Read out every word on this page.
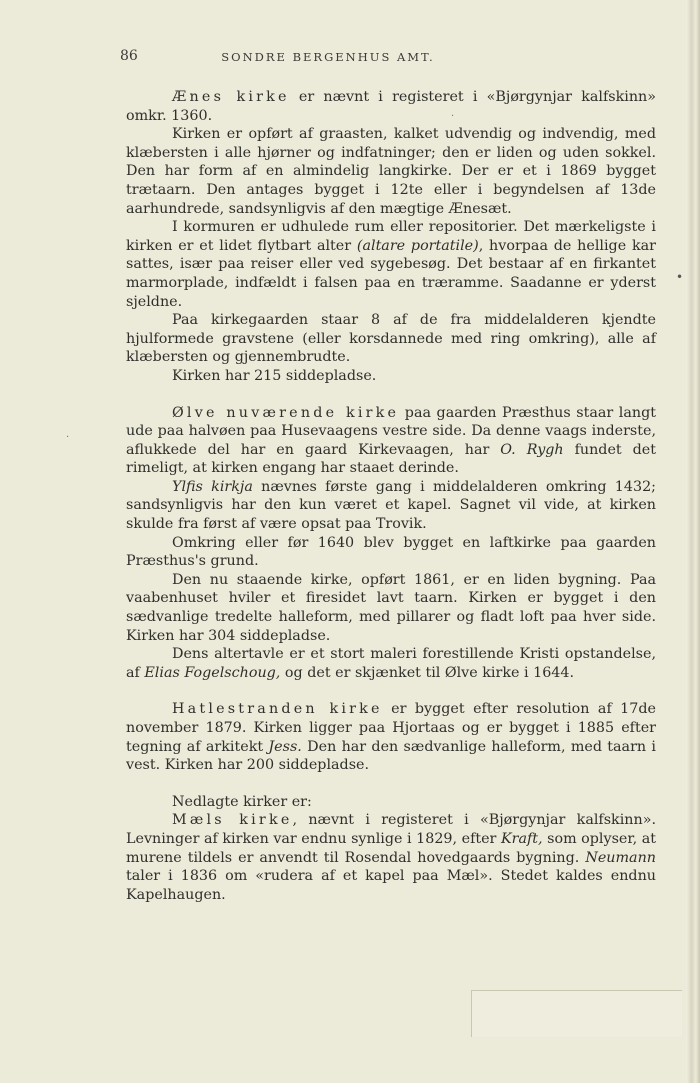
86	SONDRE BERGENHUS AMT.
·
•
·

Ænes kirke er nævnt i registeret i «Bjørgynjar kalfskinn» omkr. 1360.

Kirken er opført af graasten, kalket udvendig og indvendig, med klæbersten i alle hjørner og indfatninger; den er liden og uden sokkel. Den har form af en almindelig langkirke. Der er et i 1869 bygget trætaarn. Den antages bygget i 12te eller i begyndelsen af 13de aarhundrede, sandsynligvis af den mægtige Ænesæt.

I kormuren er udhulede rum eller repositorier. Det mærkeligste i kirken er et lidet flytbart alter (altare portatile), hvorpaa de hellige kar sattes, især paa reiser eller ved sygebesøg. Det bestaar af en firkantet marmorplade, indfældt i falsen paa en træramme. Saadanne er yderst sjeldne.

Paa kirkegaarden staar 8 af de fra middelalderen kjendte hjulformede gravstene (eller korsdannede med ring omkring), alle af klæbersten og gjennembrudte.

Kirken har 215 siddepladse.

Ølve nuværende kirke paa gaarden Præsthus staar langt ude paa halvøen paa Husevaagens vestre side. Da denne vaags inderste, aflukkede del har en gaard Kirkevaagen, har O. Rygh fundet det rimeligt, at kirken engang har staaet derinde.

Ylfis kirkja nævnes første gang i middelalderen omkring 1432; sandsynligvis har den kun været et kapel. Sagnet vil vide, at kirken skulde fra først af være opsat paa Trovik.

Omkring eller før 1640 blev bygget en laftkirke paa gaarden Præsthus's grund.

Den nu staaende kirke, opført 1861, er en liden bygning. Paa vaabenhuset hviler et firesidet lavt taarn. Kirken er bygget i den sædvanlige tredelte halleform, med pillarer og fladt loft paa hver side. Kirken har 304 siddepladse.

Dens altertavle er et stort maleri forestillende Kristi opstandelse, af Elias Fogelschoug, og det er skjænket til Ølve kirke i 1644.

Hatlestranden kirke er bygget efter resolution af 17de november 1879. Kirken ligger paa Hjortaas og er bygget i 1885 efter tegning af arkitekt Jess. Den har den sædvanlige halleform, med taarn i vest. Kirken har 200 siddepladse.

Nedlagte kirker er:

Mæls kirke, nævnt i registeret i «Bjørgynjar kalfskinn». Levninger af kirken var endnu synlige i 1829, efter Kraft, som oplyser, at murene tildels er anvendt til Rosendal hovedgaards bygning. Neumann taler i 1836 om «rudera af et kapel paa Mæl». Stedet kaldes endnu Kapelhaugen.
